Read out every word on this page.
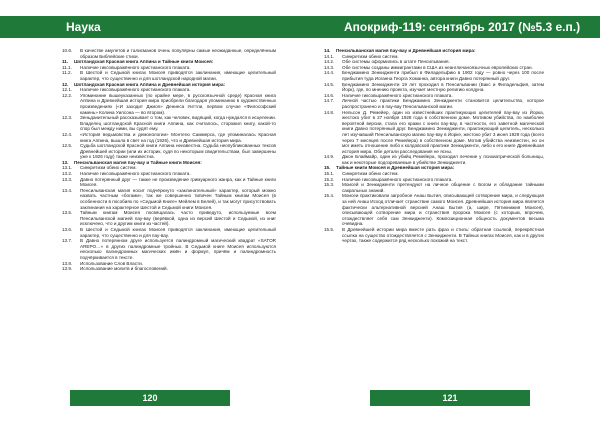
Наука

10.6. В качестве амулетов и талисманов очень популярны самые неожиданные, определённым образом Библейские стихи.

11. Шотландская Красная книга Аппина и Тайные книги Моисея:

11.1. Наличие гиксовыражённого христианского плаката.

11.2. В Шестой и Седьмой книгах Моисея приводятся заклинания, имеющие целительный характер, что существенно и для шотландской народной магии.

12. Шотландская Красная книга Аппина и Древнейшая история мира:

12.1. Наличие гиксовыражённого христианского плаката.

12.2. Упоминание вышеуказанных (по крайне мере, в русскоязычной среде) Красная книга Аппина и Древнейшая история мира приобрели благодаря упоминанию в художественных произведениях («И заходит Джиоп» Дениеса Уиттли, первом случае «Философский камень» Колина Уилсона — во втором).

12.3. Зеньданительный рассказывает о том, как человек, видящий, когда нуждался в исцелении. Владелец шотландской Красной книги Аппина, как считалось, сторожил книгу, какой-то спор был между ними, вы судят ему.

12.4. «История ведьмовства и демонологии» Монтегю Саммерса, где упоминалась Красная книга Аппина, вышла в свет на год (1926), что и Древнейшая история мира.

12.5. Судьба шотландской Красной книги Аппина неизвестна. Судьба неопубликованных тексов Древнейшей истории (или их историк, судя по некоторым свидетельствам, был завершены уже к 1926 году) также неизвестна.

13. Пенсильванская магия пау-вау и Тайные книги Моисея:

13.1. Синкретизм обеих систем.

13.2. Наличие гиксовыражённого христианского плаката.

13.3. Давно потерянный друг — также не произведение гримуарного жанра, как и Тайные книги Моисея.

13.4. Пенсильванская магия носит подчёркнуто «заклинательный» характер, который можно назвать частным «богами», так же совершенно типичен Тайным книгам Моисея (в особенности в пособиях по «Седьмой Книге» Мейлем в Белей), и так могут присутствовать заклинания на характерное Шестой и Седьмой книги Моисея.

13.5. Тайным книгам Моисея посвящалась часто приведуто, используемые всем Пенсильванской магией пау-вау (верёвкой, одна из версий Шестой и Седьмой, из книг исключено, что и другим книги из частей).

13.6. В Шестой и Седьмой книгах Моисея приводятся заклинания, имеющие целительный характер, что существенно и для пау-вау.

13.7. В Давно потерянном друге используется палиндромный магический квадрат «SATOR AREPO…» в других палиндромные тройных. В Седьмой книге Моисея используются несколько палиндромных магических имён и формул, причём и палиндромность подчёркивается в тексте.

13.8. Использование Слов Власти.

13.9. Использование молитв и благословений.

120
Апокриф-119: сентябрь 2017 (№5.3 е.п.)

14. Пенсильванская магия пау-вау и Древнейшая история мира:

14.1. Синкретизм обеих систем.

14.2. Обе системы оформились в штате Пенсильвания.

14.3. Обе системы созданы иммигрантами в США из неангличаноязычных европейских стран.

14.4. Бенджамино Зенкидженти прибыл в Филадельфию в 1902 году — ровно через 100 после прибытия туда Иоганна Георга Хоманна, автора книги Давно потерянный друг.

14.5. Бенджамино Зенкидженти 19 лет проходил в Пенсильвании (Бакс и Филадельфия, затем Йорк), где, по мнению проекта, изучает местную религию колдуна.

14.6. Наличие гиксовыражённого христианского плаката.

14.7. Личной частью практики Бенджамино Зенкидженти становится целительство, которое распространено и в пау-вау Пенсильванской магии.

14.8. Нельсон Д. Ремейер, один из известнейших практикующих целителей пау-вау из Йорка, жестоко убит в 27 ноября 1928 года в собственном доме. Мотивом убийства, по наиболее вероятной версии, стала его кражи с книги пау-вау, в частности, его заветной магической книги Давно потерянный друг. Бенджамино Зенкидженти, практикующий целитель, несколько лет изучавший Пенсильванскую магию пау-вау в Йорке, жестоко убит 3 июня 1929 года (всего через 7 месяцев после Ремейера) в собственном доме. Мотив убийства неизвестен, но он мог иметь отношение либо к колдовской практике Зенкидженти, либо к его книге Древнейшая история мира. Обе детали расследования не ясны.

14.9. Джон Блаймайр, один из убийц Ремейера, проходил лечение у психиатрической больницы, как и некоторые подозреваемые в убийстве Зенкидженти.

15. Тайные книги Моисея и Древнейшая история мира:

15.1. Синкретизм обеих систем.

15.2. Наличие гиксовыражённого христианского плаката.

15.3. Моисей и Зенкидженти претендуют на личное общение с Богом и обладание тайными сакральных знаний.

15.4. Моисеи практиковали загробное Анаш Бытия, описывающей сотворение мира, и следующая за ней Анаш Исход отличает странствие самого Моисея. Древнейшая история мира является фактически альтернативной версией Анаш Бытия (а, шире, Пятикнижия Моисея), описывающей сотворение мира и странствия пророка Моисея (с которым, впрочем, отождествляет себя сам Зенкидженти). Композиционная общность документов весьма очевидна.

15.5. В Древнейшей истории мира вместе рать фраз и стиль: обратная ссылкой, перекрёстная ссылка на существо отождествляется с Зенкидженти. В Тайных книгах Моисея, как и в других чертах, также содержится ряд несколько похожий на текст.

121
